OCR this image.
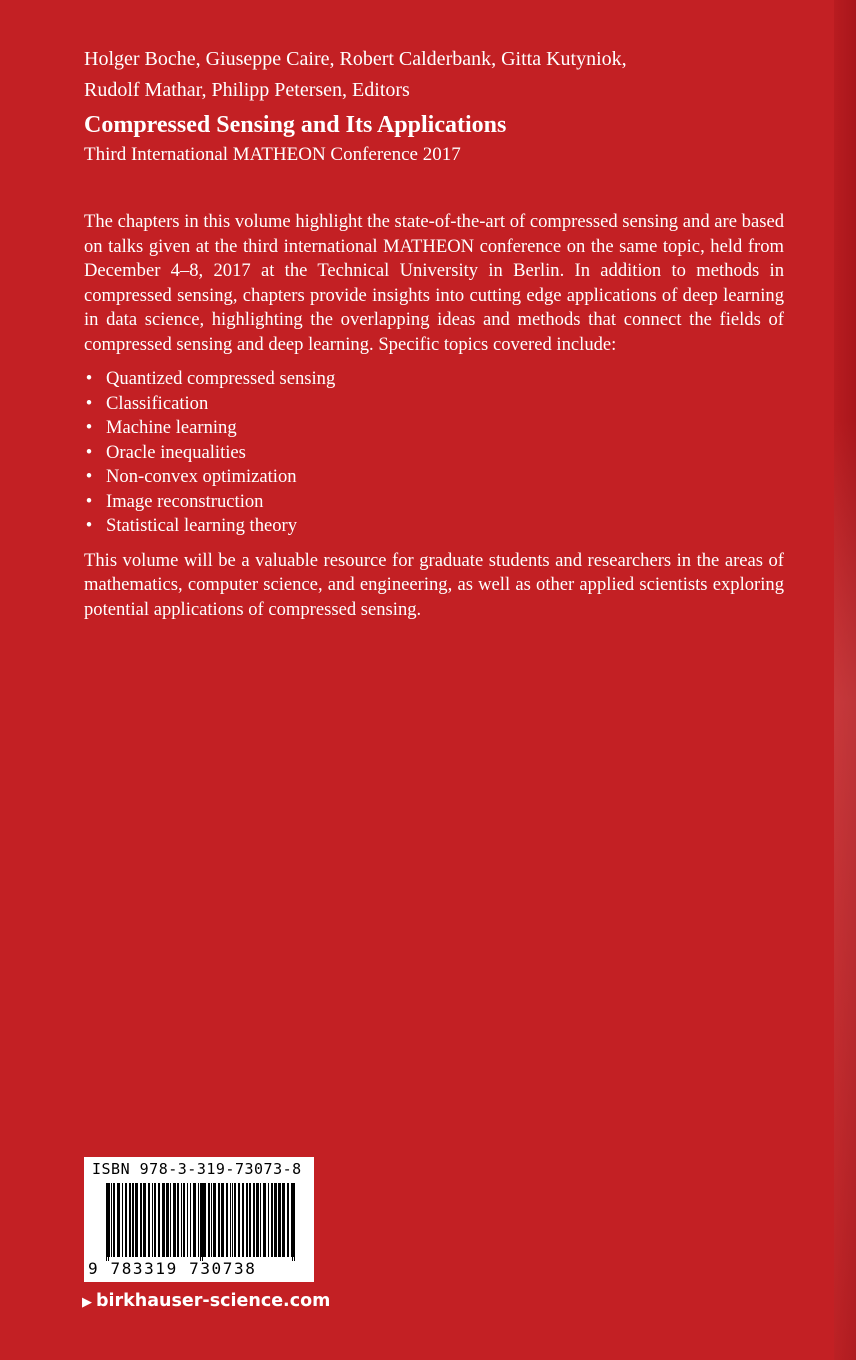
Holger Boche, Giuseppe Caire, Robert Calderbank, Gitta Kutyniok,
Rudolf Mathar, Philipp Petersen, Editors

Compressed Sensing and Its Applications

Third International MATHEON Conference 2017

The chapters in this volume highlight the state-of-the-art of compressed sensing and are based on talks given at the third international MATHEON conference on the same topic, held from December 4–8, 2017 at the Technical University in Berlin. In addition to methods in compressed sensing, chapters provide insights into cutting edge applications of deep learning in data science, highlighting the overlapping ideas and methods that connect the fields of compressed sensing and deep learning. Specific topics covered include:

• Quantized compressed sensing
• Classification
• Machine learning
• Oracle inequalities
• Non-convex optimization
• Image reconstruction
• Statistical learning theory

This volume will be a valuable resource for graduate students and researchers in the areas of mathematics, computer science, and engineering, as well as other applied scientists exploring potential applications of compressed sensing.

ISBN 978-3-319-73073-8
9 783319 730738
▶ birkhauser-science.com
